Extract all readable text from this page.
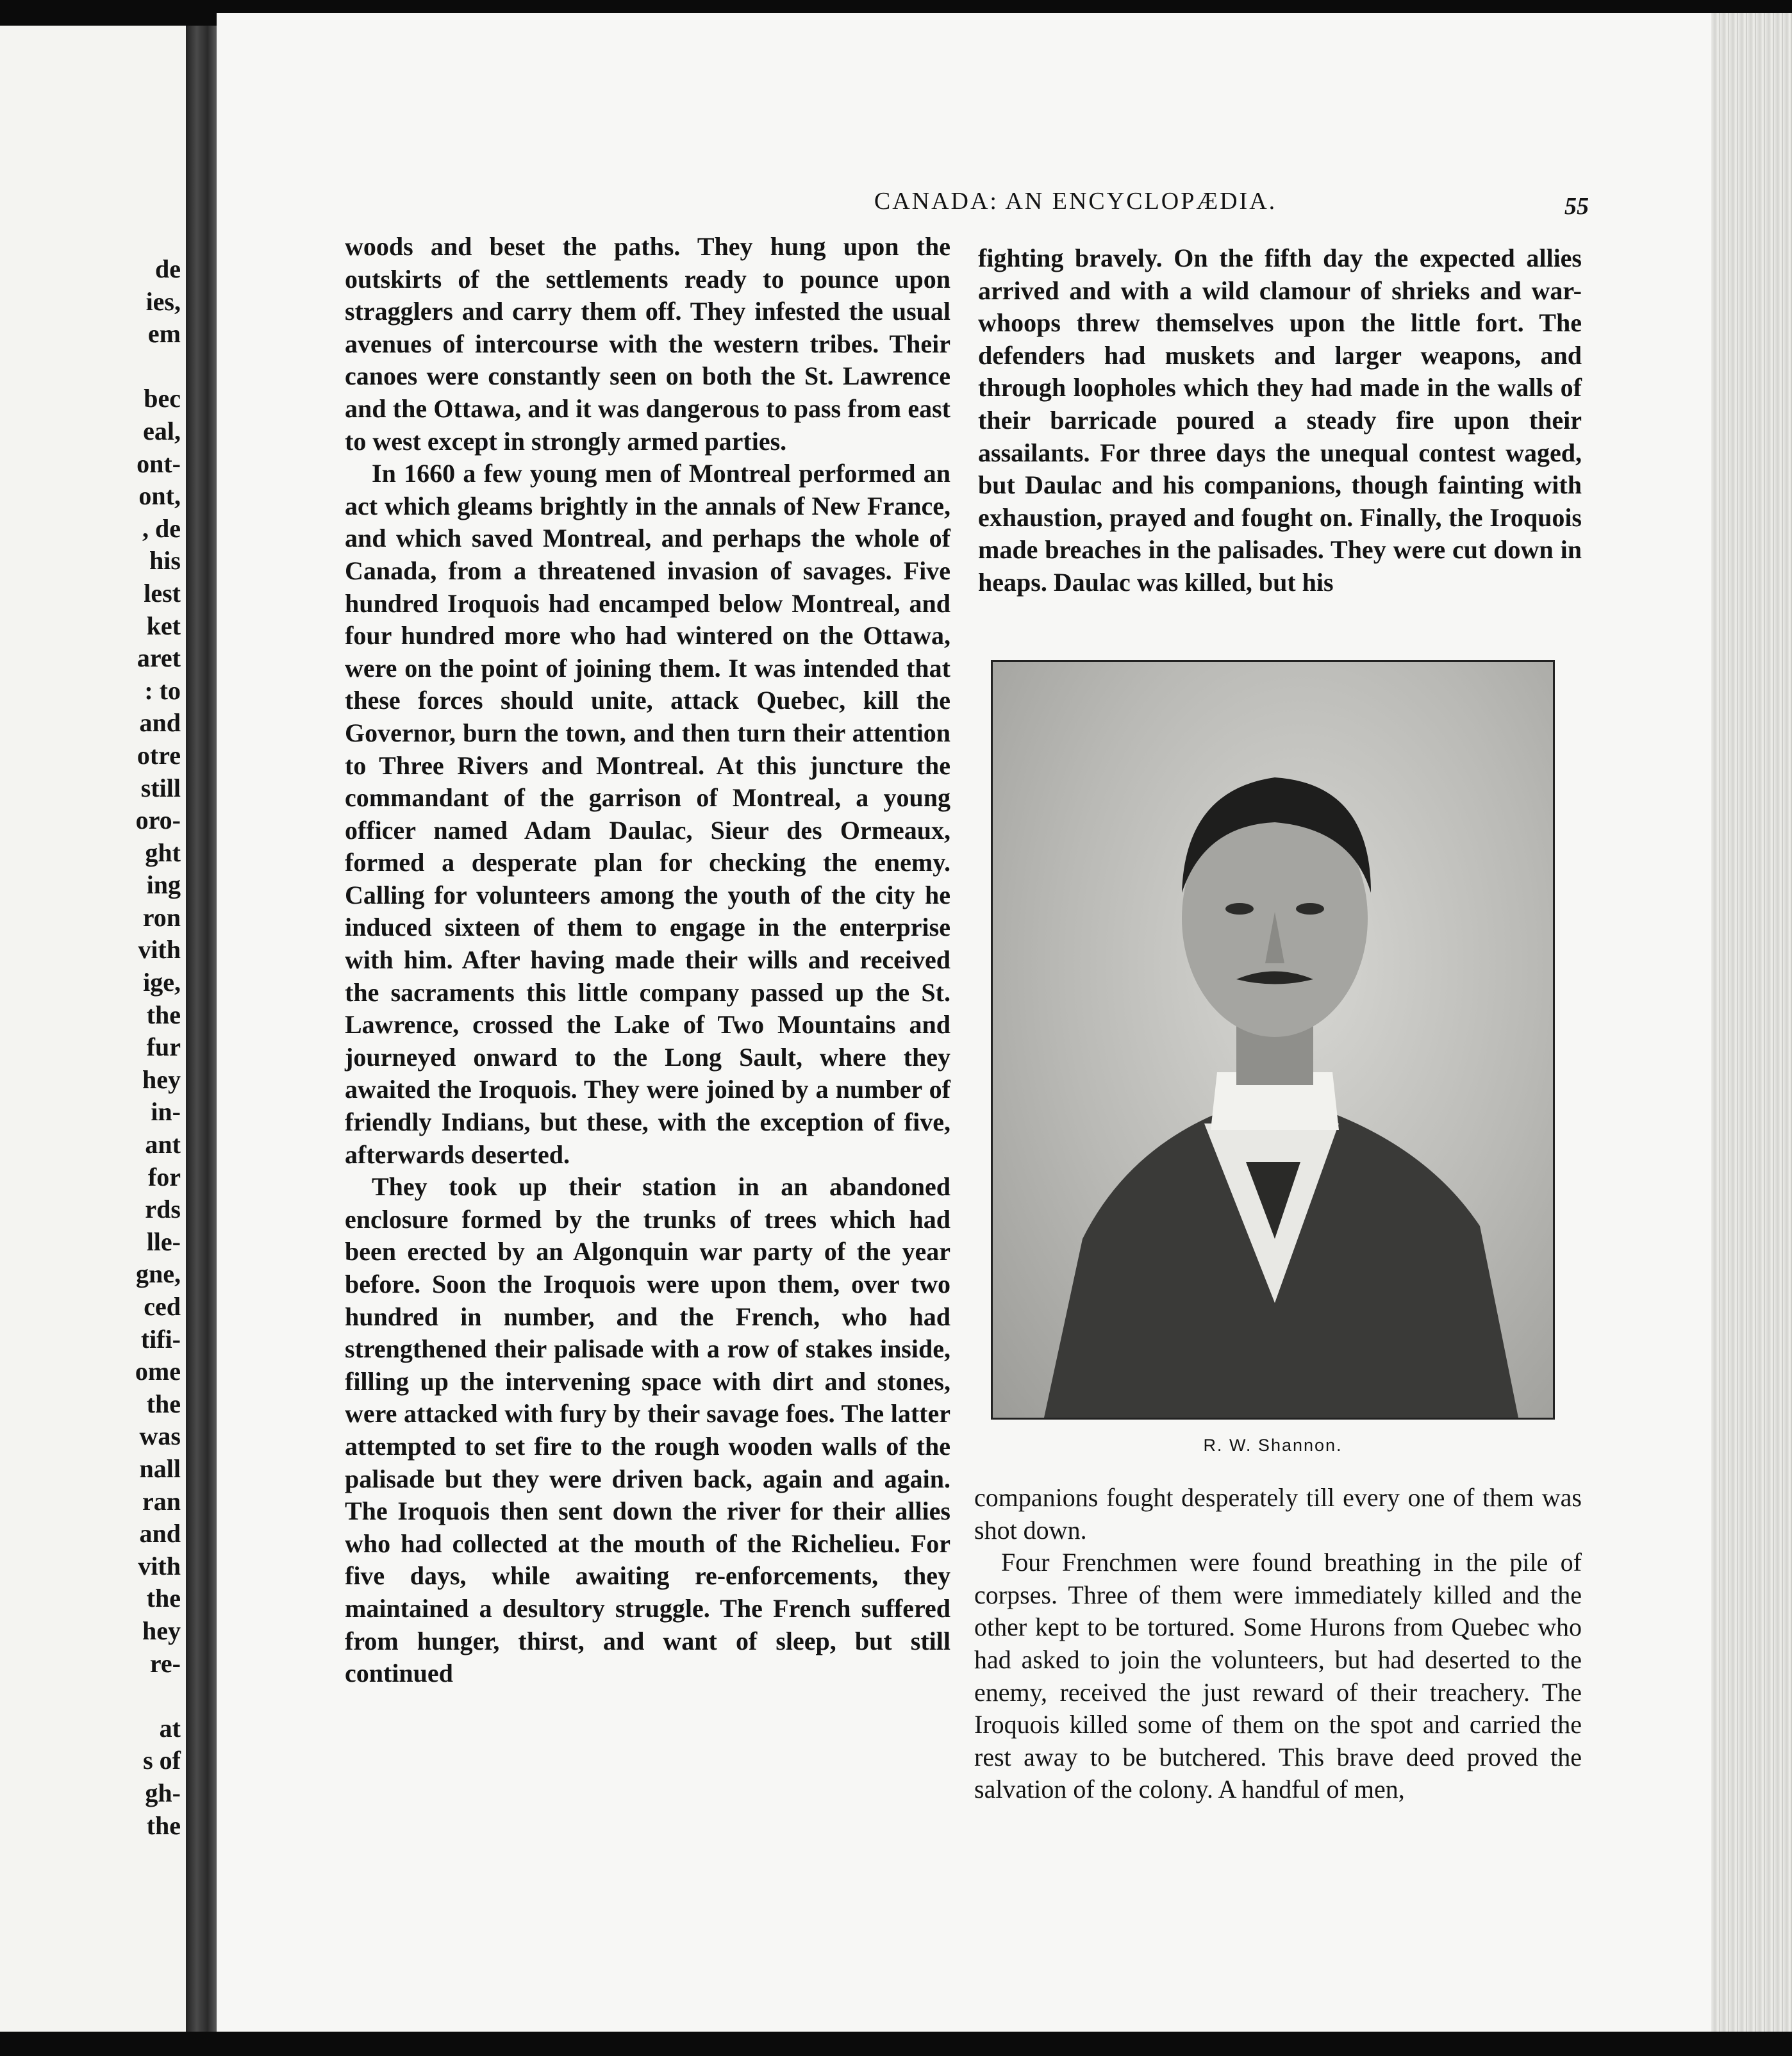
de
ies,
em
bec
eal,
ont-
ont,
, de
his
lest
ket
aret
: to
and
otre
still
oro-
ght
ing
ron
vith
ige,
the
fur
hey
in-
ant
for
rds
lle-
gne,
ced
tifi-
ome
the
was
nall
ran
and
vith
the
hey
re-
at
s of
gh-
the
CANADA: AN ENCYCLOPÆDIA.	55

woods and beset the paths. They hung upon the outskirts of the settlements ready to pounce upon stragglers and carry them off. They infested the usual avenues of intercourse with the western tribes. Their canoes were constantly seen on both the St. Lawrence and the Ottawa, and it was dangerous to pass from east to west except in strongly armed parties.

In 1660 a few young men of Montreal performed an act which gleams brightly in the annals of New France, and which saved Montreal, and perhaps the whole of Canada, from a threatened invasion of savages. Five hundred Iroquois had encamped below Montreal, and four hundred more who had wintered on the Ottawa, were on the point of joining them. It was intended that these forces should unite, attack Quebec, kill the Governor, burn the town, and then turn their attention to Three Rivers and Montreal. At this juncture the commandant of the garrison of Montreal, a young officer named Adam Daulac, Sieur des Ormeaux, formed a desperate plan for checking the enemy. Calling for volunteers among the youth of the city he induced sixteen of them to engage in the enterprise with him. After having made their wills and received the sacraments this little company passed up the St. Lawrence, crossed the Lake of Two Mountains and journeyed onward to the Long Sault, where they awaited the Iroquois. They were joined by a number of friendly Indians, but these, with the exception of five, afterwards deserted.

They took up their station in an abandoned enclosure formed by the trunks of trees which had been erected by an Algonquin war party of the year before. Soon the Iroquois were upon them, over two hundred in number, and the French, who had strengthened their palisade with a row of stakes inside, filling up the intervening space with dirt and stones, were attacked with fury by their savage foes. The latter attempted to set fire to the rough wooden walls of the palisade but they were driven back, again and again. The Iroquois then sent down the river for their allies who had collected at the mouth of the Richelieu. For five days, while awaiting re-enforcements, they maintained a desultory struggle. The French suffered from hunger, thirst, and want of sleep, but still continued

fighting bravely. On the fifth day the expected allies arrived and with a wild clamour of shrieks and war-whoops threw themselves upon the little fort. The defenders had muskets and larger weapons, and through loopholes which they had made in the walls of their barricade poured a steady fire upon their assailants. For three days the unequal contest waged, but Daulac and his companions, though fainting with exhaustion, prayed and fought on. Finally, the Iroquois made breaches in the palisades. They were cut down in heaps. Daulac was killed, but his

R. W. Shannon.

companions fought desperately till every one of them was shot down.

Four Frenchmen were found breathing in the pile of corpses. Three of them were immediately killed and the other kept to be tortured. Some Hurons from Quebec who had asked to join the volunteers, but had deserted to the enemy, received the just reward of their treachery. The Iroquois killed some of them on the spot and carried the rest away to be butchered. This brave deed proved the salvation of the colony. A handful of men,
